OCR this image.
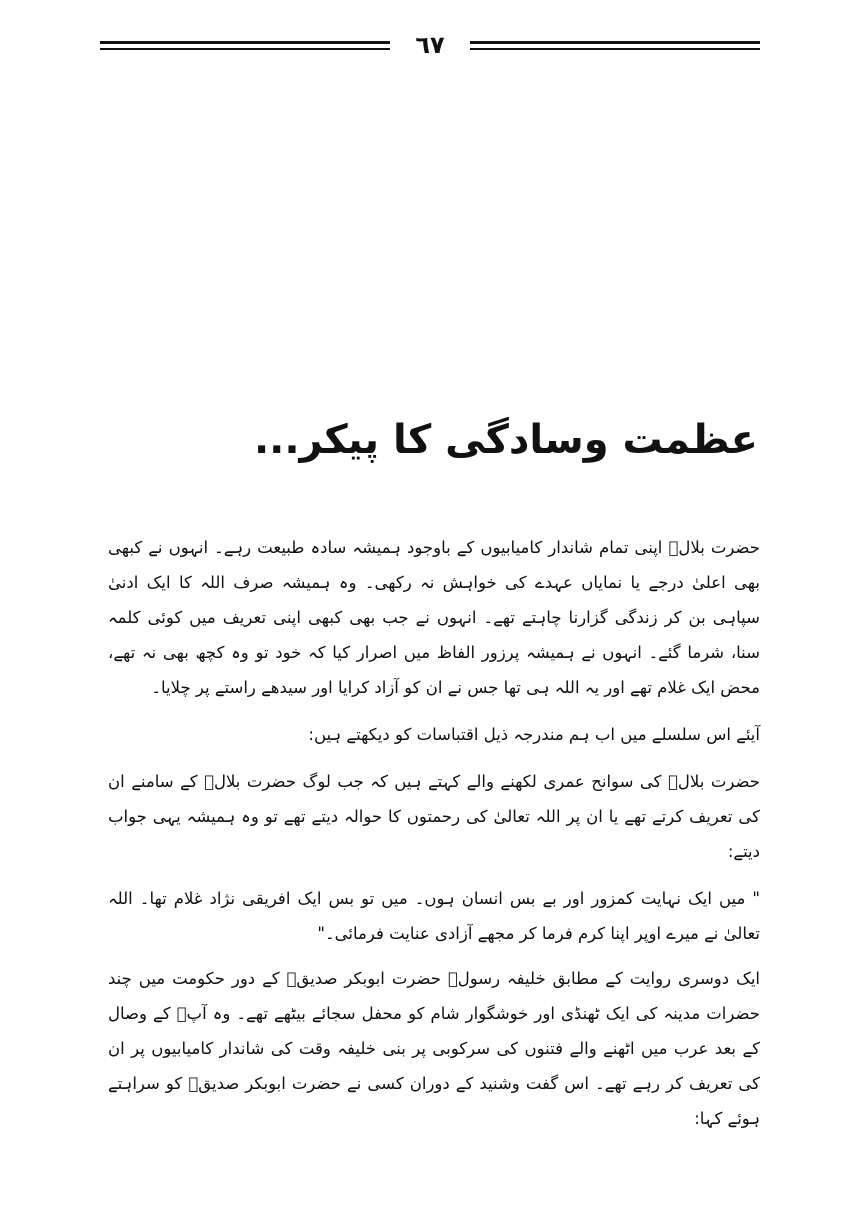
٦٧
عظمت وسادگی کا پیکر...

حضرت بلالؓ اپنی تمام شاندار کامیابیوں کے باوجود ہمیشہ سادہ طبیعت رہے۔ انہوں نے کبھی بھی اعلیٰ درجے یا نمایاں عہدے کی خواہش نہ رکھی۔ وہ ہمیشہ صرف اللہ کا ایک ادنیٰ سپاہی بن کر زندگی گزارنا چاہتے تھے۔ انہوں نے جب بھی کبھی اپنی تعریف میں کوئی کلمہ سنا، شرما گئے۔ انہوں نے ہمیشہ پرزور الفاظ میں اصرار کیا کہ خود تو وہ کچھ بھی نہ تھے، محض ایک غلام تھے اور یہ اللہ ہی تھا جس نے ان کو آزاد کرایا اور سیدھے راستے پر چلایا۔

آیئے اس سلسلے میں اب ہم مندرجہ ذیل اقتباسات کو دیکھتے ہیں:

حضرت بلالؓ کی سوانح عمری لکھنے والے کہتے ہیں کہ جب لوگ حضرت بلالؓ کے سامنے ان کی تعریف کرتے تھے یا ان پر اللہ تعالیٰ کی رحمتوں کا حوالہ دیتے تھے تو وہ ہمیشہ یہی جواب دیتے:

" میں ایک نہایت کمزور اور بے بس انسان ہوں۔ میں تو بس ایک افریقی نژاد غلام تھا۔ اللہ تعالیٰ نے میرے اوپر اپنا کرم فرما کر مجھے آزادی عنایت فرمائی۔"

ایک دوسری روایت کے مطابق خلیفہ رسولؐ حضرت ابوبکر صدیقؓ کے دور حکومت میں چند حضرات مدینہ کی ایک ٹھنڈی اور خوشگوار شام کو محفل سجائے بیٹھے تھے۔ وہ آپؓ کے وصال کے بعد عرب میں اٹھنے والے فتنوں کی سرکوبی پر بنی خلیفہ وقت کی شاندار کامیابیوں پر ان کی تعریف کر رہے تھے۔ اس گفت وشنید کے دوران کسی نے حضرت ابوبکر صدیقؓ کو سراہتے ہوئے کہا:
